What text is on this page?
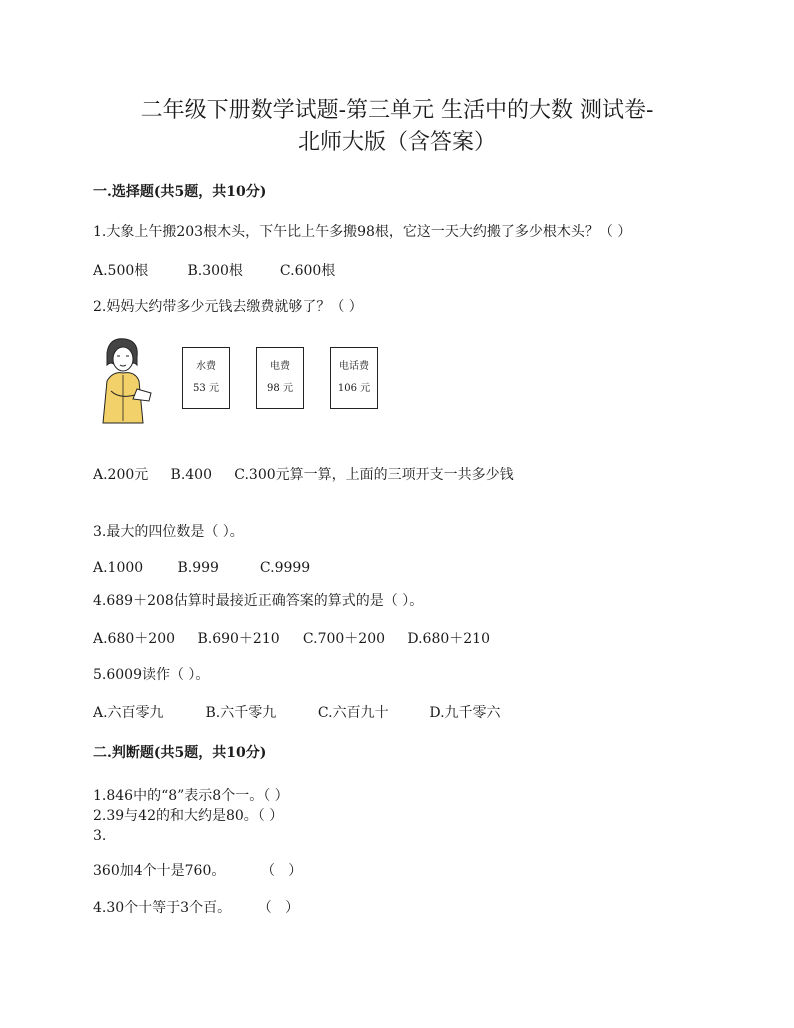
二年级下册数学试题-第三单元 生活中的大数 测试卷-
北师大版（含答案）
一.选择题(共5题，共10分)
1.大象上午搬203根木头，下午比上午多搬98根，它这一天大约搬了多少根木头？（ ）
A.500根	B.300根	C.600根
2.妈妈大约带多少元钱去缴费就够了？（ ）
水费
53 元
电费
98 元
电话费
106 元
A.200元     B.400     C.300元算一算，上面的三项开支一共多少钱
3.最大的四位数是（ ）。
A.1000 B.999	C.9999
4.689＋208估算时最接近正确答案的算式的是（ ）。
A.680＋200 B.690＋210 C.700＋200 D.680＋210
5.6009读作（ ）。
A.六百零九	B.六千零九	C.六百九十	D.九千零六
二.判断题(共5题，共10分)
1.846中的“8”表示8个一。（ ）
2.39与42的和大约是80。（ ）
3.
360加4个十是760。        （   ）
4.30个十等于3个百。      （   ）
